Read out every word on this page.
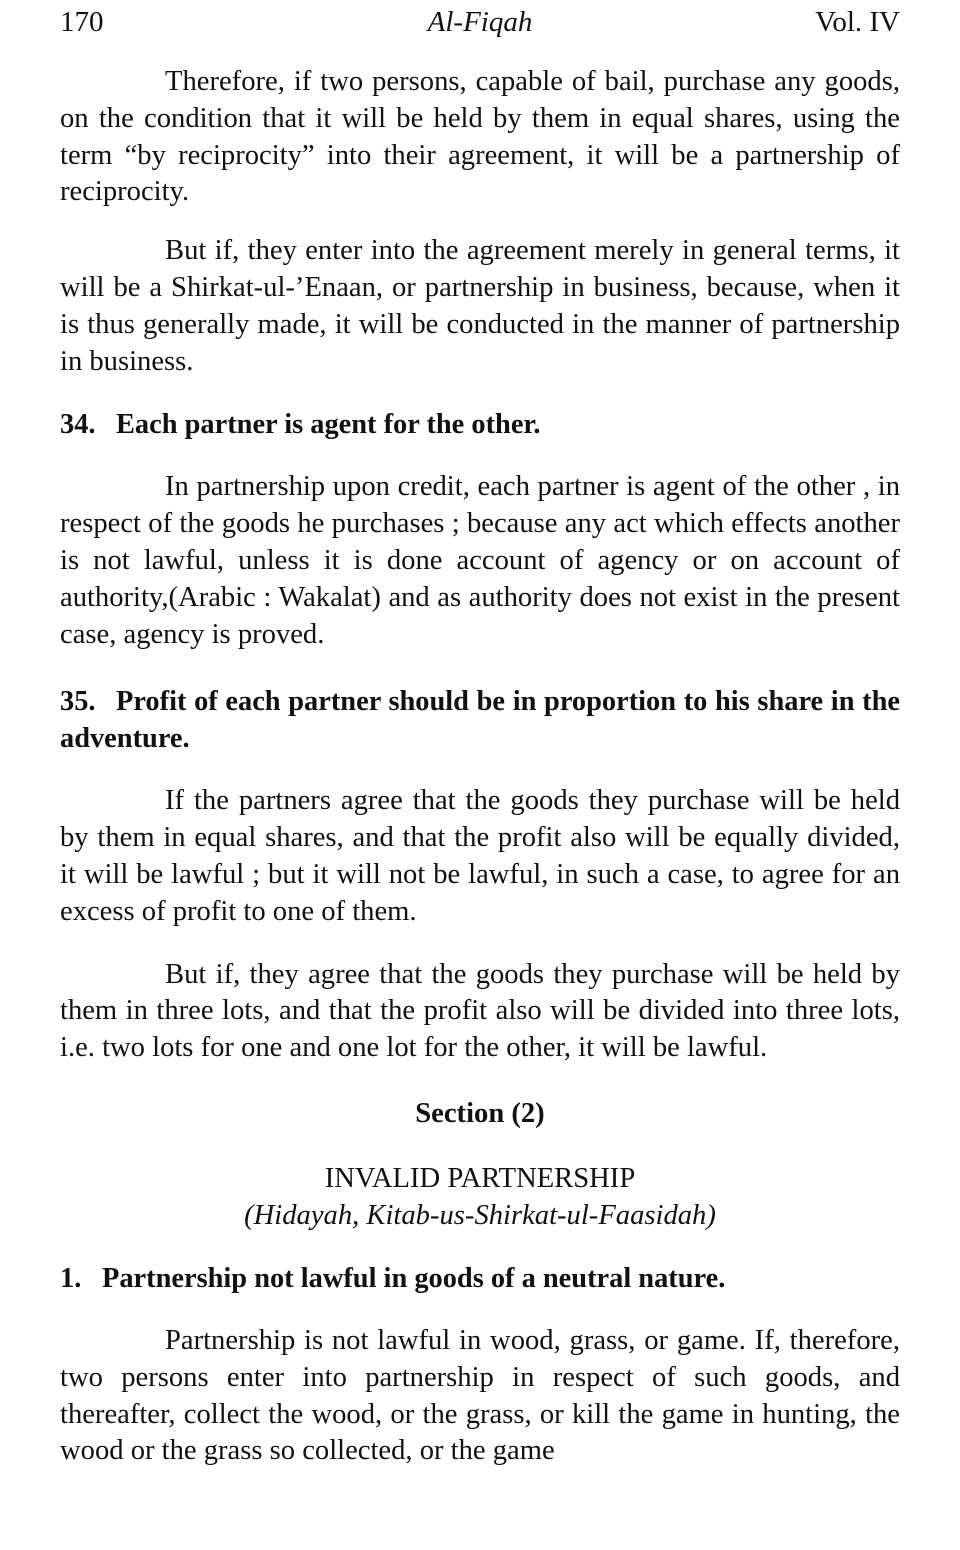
170	Al-Fiqah	Vol. IV

Therefore, if two persons, capable of bail, purchase any goods, on the condition that it will be held by them in equal shares, using the term “by reciprocity” into their agreement, it will be a partnership of reciprocity.

But if, they enter into the agreement merely in general terms, it will be a Shirkat-ul-’Enaan, or partnership in business, because, when it is thus generally made, it will be conducted in the manner of partnership in business.

34. Each partner is agent for the other.

In partnership upon credit, each partner is agent of the other , in respect of the goods he purchases ; because any act which effects another is not lawful, unless it is done account of agency or on account of authority,(Arabic : Wakalat) and as authority does not exist in the present case, agency is proved.

35. Profit of each partner should be in proportion to his share in the adventure.

If the partners agree that the goods they purchase will be held by them in equal shares, and that the profit also will be equally divided, it will be lawful ; but it will not be lawful, in such a case, to agree for an excess of profit to one of them.

But if, they agree that the goods they purchase will be held by them in three lots, and that the profit also will be divided into three lots, i.e. two lots for one and one lot for the other, it will be lawful.

Section (2)
INVALID PARTNERSHIP
(Hidayah, Kitab-us-Shirkat-ul-Faasidah)
1. Partnership not lawful in goods of a neutral nature.

Partnership is not lawful in wood, grass, or game. If, therefore, two persons enter into partnership in respect of such goods, and thereafter, collect the wood, or the grass, or kill the game in hunting, the wood or the grass so collected, or the game
